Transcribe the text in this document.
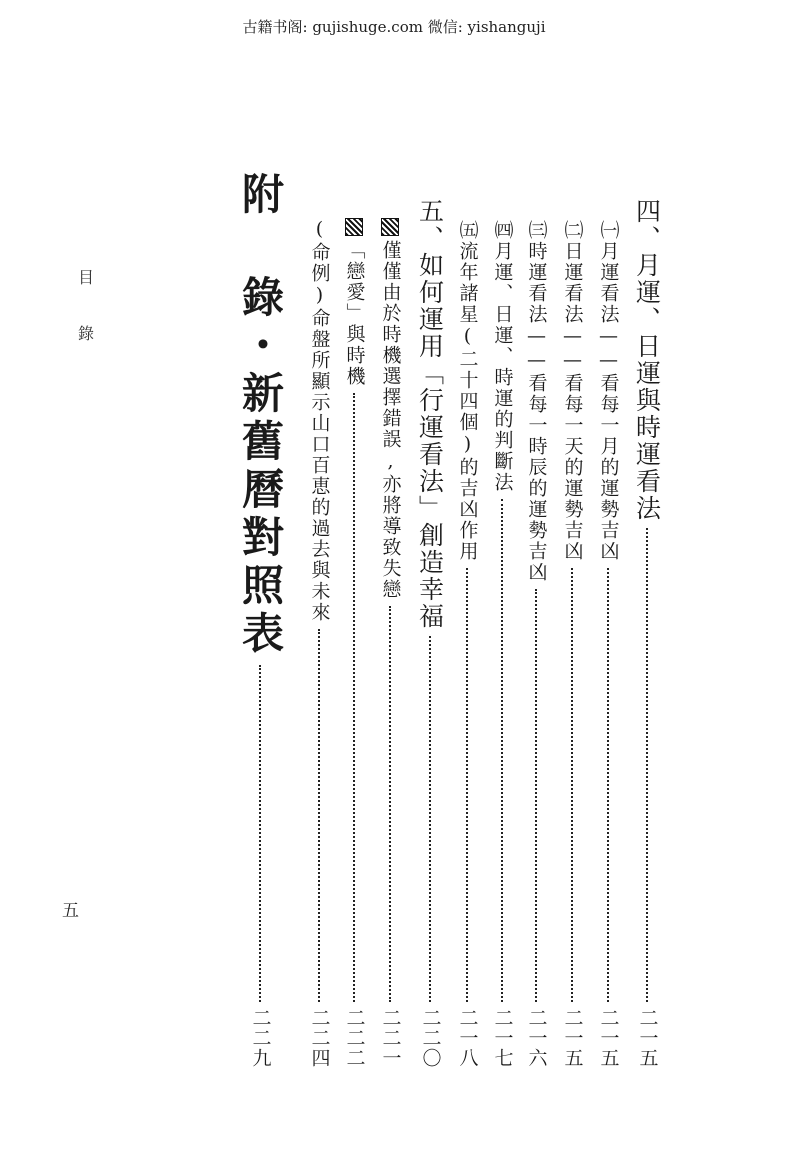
古籍书阁: gujishuge.com 微信: yishanguji
目
錄
五
四、月運、日運與時運看法
二一五
㈠月運看法——看每一月的運勢吉凶
二一五
㈡日運看法——看每一天的運勢吉凶
二一五
㈢時運看法——看每一時辰的運勢吉凶
二一六
㈣月運、日運、時運的判斷法
二一七
㈤流年諸星(二十四個)的吉凶作用
二一八
五、如何運用「行運看法」創造幸福
二二〇
僅僅由於時機選擇錯誤,亦將導致失戀
二二一
「戀愛」與時機
二二二
(命例)命盤所顯示山口百恵的過去與未來
二二四
附 錄・新舊曆對照表
二二九
